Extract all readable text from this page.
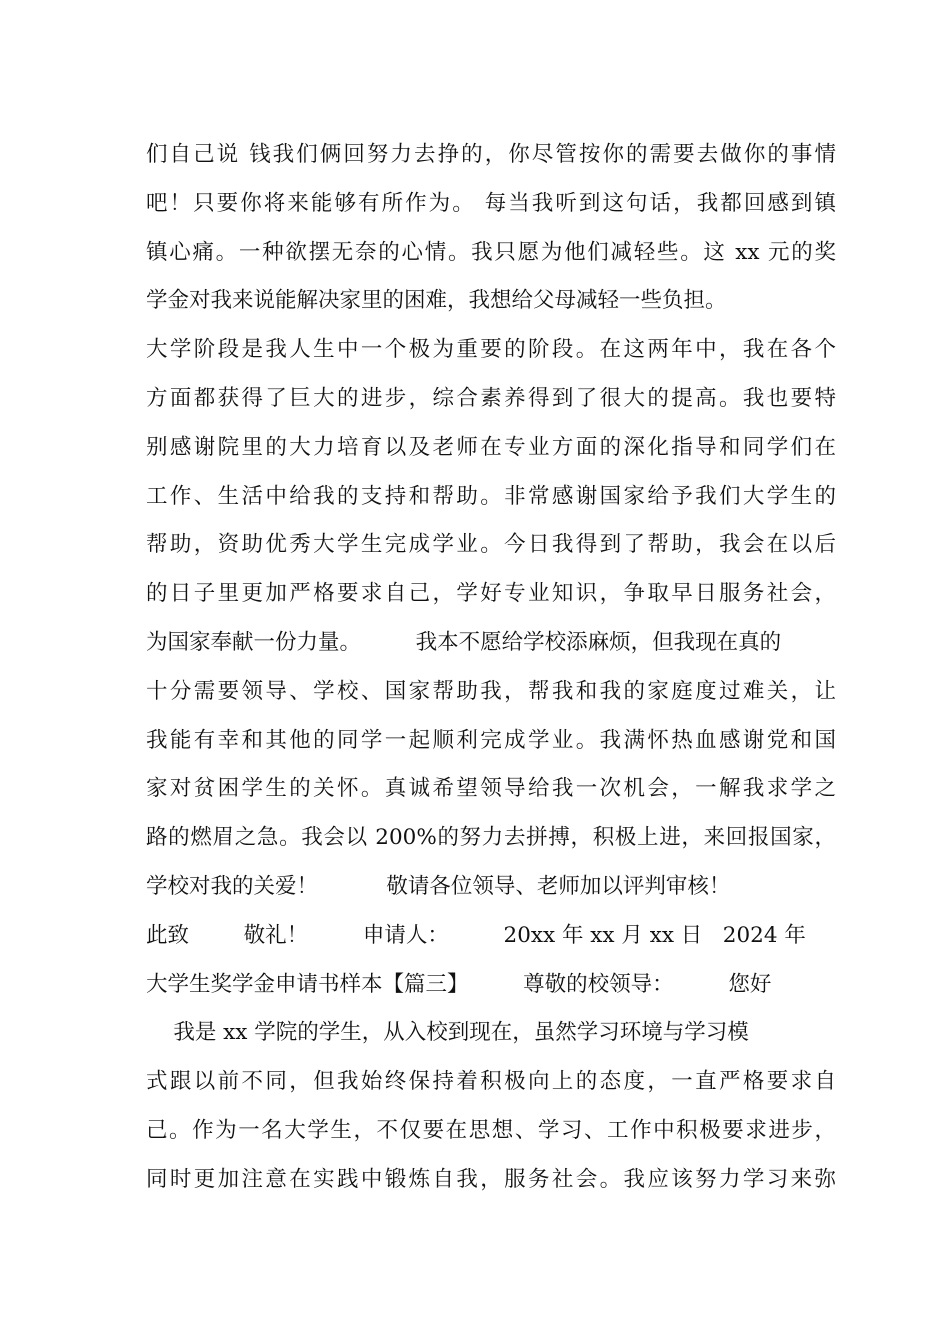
们自己说 钱我们俩回努力去挣的，你尽管按你的需要去做你的事情
吧！只要你将来能够有所作为。 每当我听到这句话，我都回感到镇
镇心痛。一种欲摆无奈的心情。我只愿为他们减轻些。这 xx 元的奖
学金对我来说能解决家里的困难，我想给父母减轻一些负担。
大学阶段是我人生中一个极为重要的阶段。在这两年中，我在各个
方面都获得了巨大的进步，综合素养得到了很大的提高。我也要特
别感谢院里的大力培育以及老师在专业方面的深化指导和同学们在
工作、生活中给我的支持和帮助。非常感谢国家给予我们大学生的
帮助，资助优秀大学生完成学业。今日我得到了帮助，我会在以后
的日子里更加严格要求自己，学好专业知识，争取早日服务社会，
为国家奉献一份力量。        我本不愿给学校添麻烦，但我现在真的
十分需要领导、学校、国家帮助我，帮我和我的家庭度过难关，让
我能有幸和其他的同学一起顺利完成学业。我满怀热血感谢党和国
家对贫困学生的关怀。真诚希望领导给我一次机会，一解我求学之
路的燃眉之急。我会以 200%的努力去拼搏，积极上进，来回报国家，
学校对我的关爱！          敬请各位领导、老师加以评判审核！
此致        敬礼！        申请人：        20xx 年 xx 月 xx 日   2024 年
大学生奖学金申请书样本【篇三】        尊敬的校领导：        您好
我是 xx 学院的学生，从入校到现在，虽然学习环境与学习模
式跟以前不同，但我始终保持着积极向上的态度，一直严格要求自
己。作为一名大学生，不仅要在思想、学习、工作中积极要求进步，
同时更加注意在实践中锻炼自我，服务社会。我应该努力学习来弥
